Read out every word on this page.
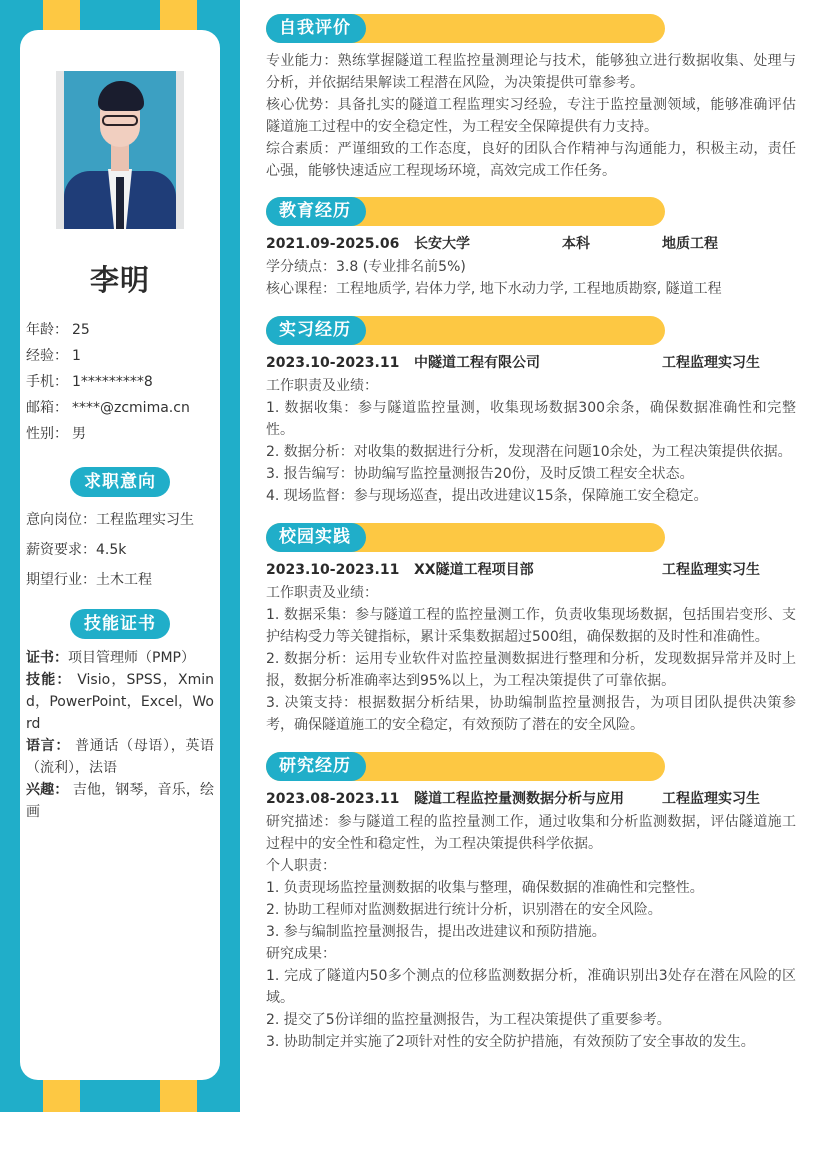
李明
年龄： 25
经验： 1
手机： 1*********8
邮箱： ****@zcmima.cn
性别： 男
求职意向
意向岗位：工程监理实习生
薪资要求：4.5k
期望行业：土木工程
技能证书
证书：项目管理师（PMP）
技能： Visio，SPSS，Xmind，PowerPoint，Excel，Word
语言： 普通话（母语），英语（流利），法语
兴趣： 吉他，钢琴，音乐，绘画
自我评价
专业能力：熟练掌握隧道工程监控量测理论与技术，能够独立进行数据收集、处理与分析，并依据结果解读工程潜在风险，为决策提供可靠参考。
核心优势：具备扎实的隧道工程监理实习经验，专注于监控量测领域，能够准确评估隧道施工过程中的安全稳定性，为工程安全保障提供有力支持。
综合素质：严谨细致的工作态度，良好的团队合作精神与沟通能力，积极主动，责任心强，能够快速适应工程现场环境，高效完成工作任务。
教育经历
2021.09-2025.06	长安大学	本科	地质工程
学分绩点：3.8 (专业排名前5%)
核心课程：工程地质学, 岩体力学, 地下水动力学, 工程地质勘察, 隧道工程
实习经历
2023.10-2023.11	中隧道工程有限公司	工程监理实习生
工作职责及业绩：
1. 数据收集：参与隧道监控量测，收集现场数据300余条，确保数据准确性和完整性。
2. 数据分析：对收集的数据进行分析，发现潜在问题10余处，为工程决策提供依据。
3. 报告编写：协助编写监控量测报告20份，及时反馈工程安全状态。
4. 现场监督：参与现场巡查，提出改进建议15条，保障施工安全稳定。
校园实践
2023.10-2023.11	XX隧道工程项目部	工程监理实习生
工作职责及业绩：
1. 数据采集：参与隧道工程的监控量测工作，负责收集现场数据，包括围岩变形、支护结构受力等关键指标，累计采集数据超过500组，确保数据的及时性和准确性。
2. 数据分析：运用专业软件对监控量测数据进行整理和分析，发现数据异常并及时上报，数据分析准确率达到95%以上，为工程决策提供了可靠依据。
3. 决策支持：根据数据分析结果，协助编制监控量测报告，为项目团队提供决策参考，确保隧道施工的安全稳定，有效预防了潜在的安全风险。
研究经历
2023.08-2023.11	隧道工程监控量测数据分析与应用	工程监理实习生
研究描述：参与隧道工程的监控量测工作，通过收集和分析监测数据，评估隧道施工过程中的安全性和稳定性，为工程决策提供科学依据。
个人职责：
1. 负责现场监控量测数据的收集与整理，确保数据的准确性和完整性。
2. 协助工程师对监测数据进行统计分析，识别潜在的安全风险。
3. 参与编制监控量测报告，提出改进建议和预防措施。
研究成果：
1. 完成了隧道内50多个测点的位移监测数据分析，准确识别出3处存在潜在风险的区域。
2. 提交了5份详细的监控量测报告，为工程决策提供了重要参考。
3. 协助制定并实施了2项针对性的安全防护措施，有效预防了安全事故的发生。
